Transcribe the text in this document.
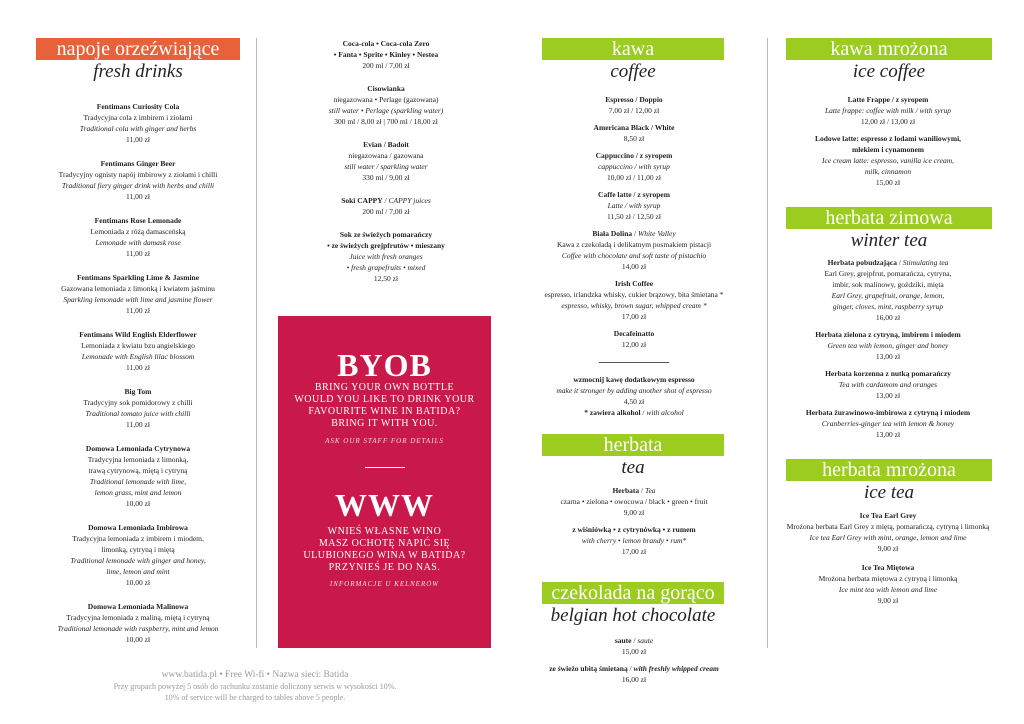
napoje orzeźwiające
fresh drinks

Fentimans Curiosity Cola

Tradycyjna cola z imbirem i ziołami

Traditional cola with ginger and herbs

11,00 zł

Fentimans Ginger Beer

Tradycyjny ognisty napój imbirowy z ziołami i chilli

Traditional fiery ginger drink with herbs and chilli

11,00 zł

Fentimans Rose Lemonade

Lemoniada z różą damasceńską

Lemonade with damask rose

11,00 zł

Fentimans Sparkling Lime & Jasmine

Gazowana lemoniada z limonką i kwiatem jaśminu

Sparkling lemonade with lime and jasmine flower

11,00 zł

Fentimans Wild English Elderflower

Lemoniada z kwiatu bzu angielskiego

Lemonade with English lilac blossom

11,00 zł

Big Tom

Tradycyjny sok pomidorowy z chilli

Traditional tomato juice with chilli

11,00 zł

Domowa Lemoniada Cytrynowa

Tradycyjna lemoniada z limonką,

trawą cytrynową, miętą i cytryną

Traditional lemonade with lime,

lemon grass, mint and lemon

10,00 zł

Domowa Lemoniada Imbirowa

Tradycyjna lemoniada z imbirem i miodem,

limonką, cytryną i miętą

Traditional lemonade with ginger and honey,

lime, lemon and mint

10,00 zł

Domowa Lemoniada Malinowa

Tradycyjna lemoniada z maliną, miętą i cytryną

Traditional lemonade with raspberry, mint and lemon

10,00 zł

Coca-cola • Coca-cola Zero

• Fanta • Sprite • Kinley • Nestea

200 ml / 7,00 zł

Cisowianka

niegazowana • Perlage (gazowana)

still water • Perlage (sparkling water)

300 ml / 8,00 zł | 700 ml / 18,00 zł

Evian / Badoit

niegazowana / gazowana

still water / sparkling water

330 ml / 9,00 zł

Soki CAPPY / CAPPY juices

200 ml / 7,00 zł

Sok ze świeżych pomarańczy

• ze świeżych grejpfrutów • mieszany

Juice with fresh oranges

• fresh grapefruits • mixed

12,50 zł

BYOB
BRING YOUR OWN BOTTLE
WOULD YOU LIKE TO DRINK YOUR
FAVOURITE WINE IN BATIDA?
BRING IT WITH YOU.
ASK OUR STAFF FOR DETAILS
WWW
WNIEŚ WŁASNE WINO
MASZ OCHOTĘ NAPIĆ SIĘ
ULUBIONEGO WINA W BATIDA?
PRZYNIEŚ JE DO NAS.
INFORMACJE U KELNERÓW
www.batida.pl • Free Wi-fi • Nazwa sieci: Batida
Przy grupach powyżej 5 osób do rachunku zostanie doliczony serwis w wysokości 10%.
10% of service will be charged to tables above 5 people.
kawa
coffee

Espresso / Doppio

7,00 zł / 12,00 zł

Americana Black / White

8,50 zł

Cappuccino / z syropem

cappuccino / with syrup

10,00 zł / 11,00 zł

Caffe latte / z syropem

Latte / with syrup

11,50 zł / 12,50 zł

Biała Dolina / White Valley

Kawa z czekoladą i delikatnym posmakiem pistacji

Coffee with chocolate and soft taste of pistachio

14,00 zł

Irish Coffee

espresso, irlandzka whisky, cukier brązowy, bita śmietana *

espresso, whisky, brown sugar, whipped cream *

17,00 zł

Decafeinatto

12,00 zł

wzmocnij kawę dodatkowym espresso

make it stronger by adding another shot of espresso

4,50 zł

* zawiera alkohol / with alcohol

herbata
tea

Herbata / Tea

czarna • zielona • owocowa / black • green • fruit

9,00 zł

z wiśniówką • z cytrynówką • z rumem

with cherry • lemon brandy • rum*

17,00 zł

czekolada na gorąco
belgian hot chocolate

saute / saute

15,00 zł

ze świeżo ubitą śmietaną / with freshly whipped cream

16,00 zł

kawa mrożona
ice coffee

Latte Frappe / z syropem

Latte frappe: coffee with milk / with syrup

12,00 zł / 13,00 zł

Lodowe latte: espresso z lodami waniliowymi,

mlekiem i cynamonem

Ice cream latte: espresso, vanilla ice cream,

milk, cinnamon

15,00 zł

herbata zimowa
winter tea

Herbata pobudzająca / Stimulating tea

Earl Grey, grejpfrut, pomarańcza, cytryna,

imbir, sok malinowy, goździki, mięta

Earl Grey, grapefruit, orange, lemon,

ginger, cloves, mint, raspberry syrup

16,00 zł

Herbata zielona z cytryną, imbirem i miodem

Green tea with lemon, ginger and honey

13,00 zł

Herbata korzenna z nutką pomarańczy

Tea with cardamom and oranges

13,00 zł

Herbata żurawinowo-imbirowa z cytryną i miodem

Cranberries-ginger tea with lemon & honey

13,00 zł

herbata mrożona
ice tea

Ice Tea Earl Grey

Mrożona herbata Earl Grey z miętą, pomarańczą, cytryną i limonką

Ice tea Earl Grey with mint, orange, lemon and lime

9,00 zł

Ice Tea Miętowa

Mrożona herbata miętowa z cytryną i limonką

Ice mint tea with lemon and lime

9,00 zł
